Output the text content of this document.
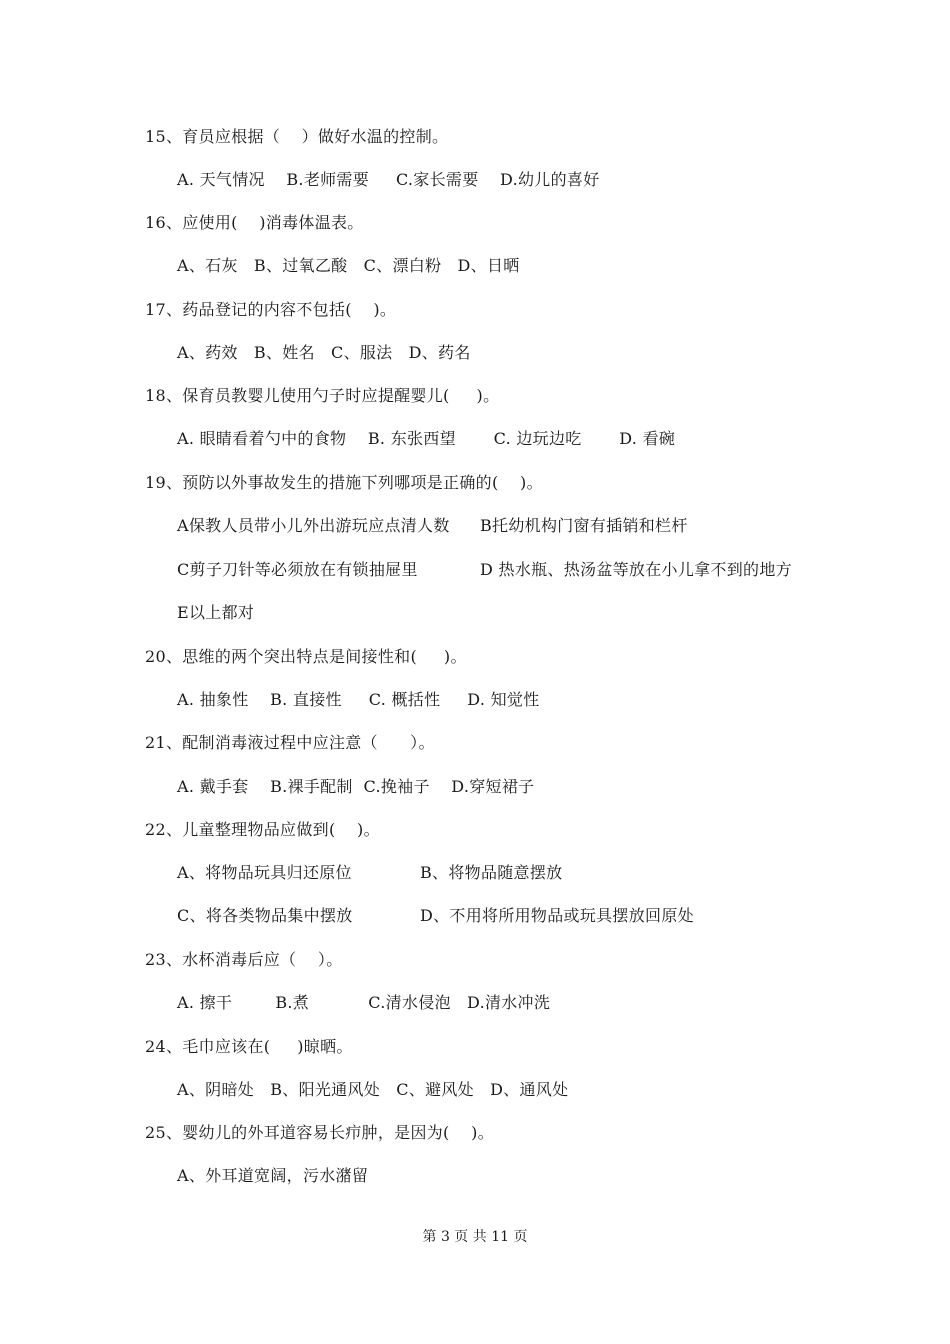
15、育员应根据（    ）做好水温的控制。
A. 天气情况    B.老师需要     C.家长需要    D.幼儿的喜好
16、应使用(    )消毒体温表。
A、石灰   B、过氧乙酸   C、漂白粉   D、日晒
17、药品登记的内容不包括(    )。
A、药效   B、姓名   C、服法   D、药名
18、保育员教婴儿使用勺子时应提醒婴儿(     )。
A. 眼睛看着勺中的食物    B. 东张西望       C. 边玩边吃       D. 看碗
19、预防以外事故发生的措施下列哪项是正确的(    )。
A保教人员带小儿外出游玩应点清人数 B托幼机构门窗有插销和栏杆
C剪子刀针等必须放在有锁抽屉里	D 热水瓶、热汤盆等放在小儿拿不到的地方
E以上都对
20、思维的两个突出特点是间接性和(     )。
A. 抽象性    B. 直接性     C. 概括性     D. 知觉性
21、配制消毒液过程中应注意（      ）。
A. 戴手套    B.裸手配制  C.挽袖子    D.穿短裙子
22、儿童整理物品应做到(    )。
A、将物品玩具归还原位	B、将物品随意摆放
C、将各类物品集中摆放	D、不用将所用物品或玩具摆放回原处
23、水杯消毒后应（    ）。
A. 擦干        B.煮           C.清水侵泡   D.清水冲洗
24、毛巾应该在(     )晾晒。
A、阴暗处   B、阳光通风处   C、避风处   D、通风处
25、婴幼儿的外耳道容易长疖肿，是因为(    )。
A、外耳道宽阔，污水潴留
第 3 页 共 11 页
